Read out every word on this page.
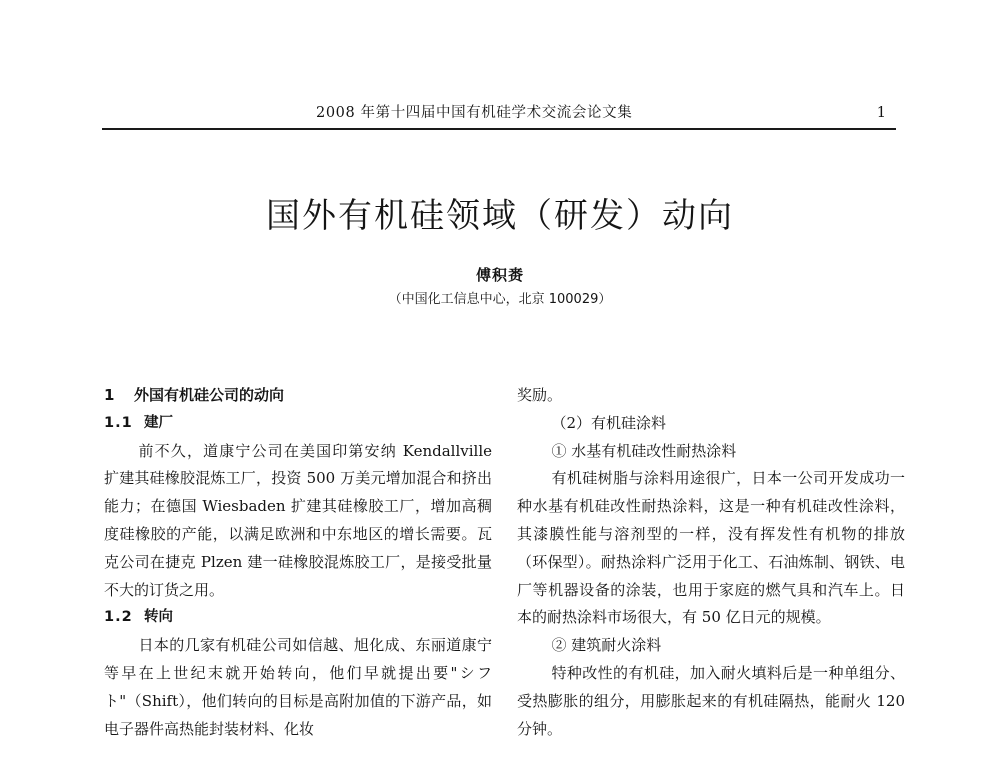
2008 年第十四届中国有机硅学术交流会论文集	1
国外有机硅领域（研发）动向
傅积赉
（中国化工信息中心，北京 100029）
1 外国有机硅公司的动向
1.1 建厂

前不久，道康宁公司在美国印第安纳 Kendallville 扩建其硅橡胶混炼工厂，投资 500 万美元增加混合和挤出能力；在德国 Wiesbaden 扩建其硅橡胶工厂，增加高稠度硅橡胶的产能，以满足欧洲和中东地区的增长需要。瓦克公司在捷克 Plzen 建一硅橡胶混炼胶工厂，是接受批量不大的订货之用。

1.2 转向

日本的几家有机硅公司如信越、旭化成、东丽道康宁等早在上世纪末就开始转向，他们早就提出要"シフト"（Shift），他们转向的目标是高附加值的下游产品，如电子器件高热能封装材料、化妆

奖励。

（2）有机硅涂料

① 水基有机硅改性耐热涂料

有机硅树脂与涂料用途很广，日本一公司开发成功一种水基有机硅改性耐热涂料，这是一种有机硅改性涂料，其漆膜性能与溶剂型的一样，没有挥发性有机物的排放（环保型）。耐热涂料广泛用于化工、石油炼制、钢铁、电厂等机器设备的涂装，也用于家庭的燃气具和汽车上。日本的耐热涂料市场很大，有 50 亿日元的规模。

② 建筑耐火涂料

特种改性的有机硅，加入耐火填料后是一种单组分、受热膨胀的组分，用膨胀起来的有机硅隔热，能耐火 120 分钟。
